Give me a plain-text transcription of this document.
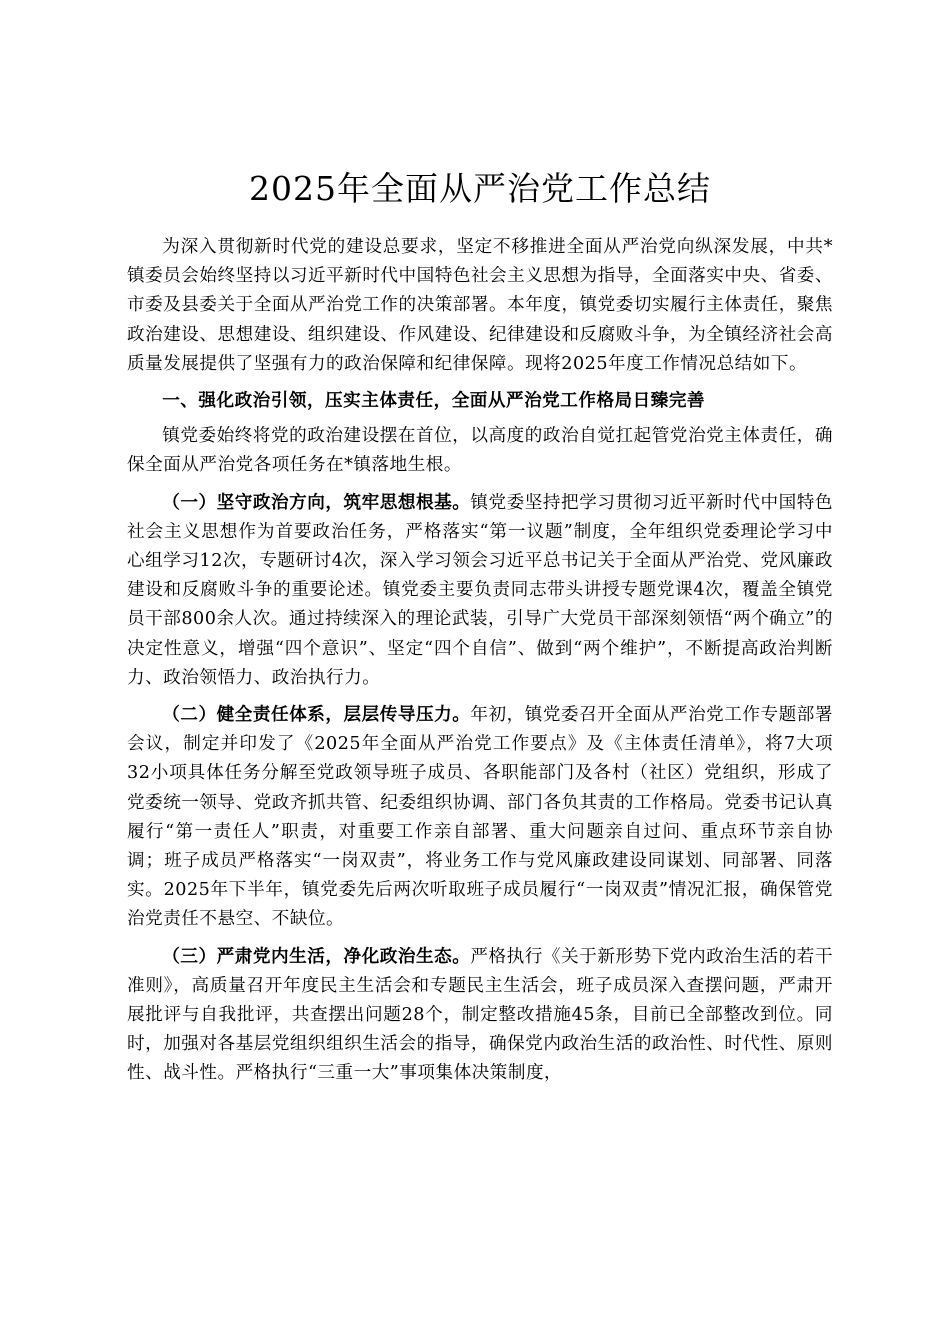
2025年全面从严治党工作总结

为深入贯彻新时代党的建设总要求，坚定不移推进全面从严治党向纵深发展，中共*镇委员会始终坚持以习近平新时代中国特色社会主义思想为指导，全面落实中央、省委、市委及县委关于全面从严治党工作的决策部署。本年度，镇党委切实履行主体责任，聚焦政治建设、思想建设、组织建设、作风建设、纪律建设和反腐败斗争，为全镇经济社会高质量发展提供了坚强有力的政治保障和纪律保障。现将2025年度工作情况总结如下。

一、强化政治引领，压实主体责任，全面从严治党工作格局日臻完善

镇党委始终将党的政治建设摆在首位，以高度的政治自觉扛起管党治党主体责任，确保全面从严治党各项任务在*镇落地生根。

（一）坚守政治方向，筑牢思想根基。镇党委坚持把学习贯彻习近平新时代中国特色社会主义思想作为首要政治任务，严格落实“第一议题”制度，全年组织党委理论学习中心组学习12次，专题研讨4次，深入学习领会习近平总书记关于全面从严治党、党风廉政建设和反腐败斗争的重要论述。镇党委主要负责同志带头讲授专题党课4次，覆盖全镇党员干部800余人次。通过持续深入的理论武装，引导广大党员干部深刻领悟“两个确立”的决定性意义，增强“四个意识”、坚定“四个自信”、做到“两个维护”，不断提高政治判断力、政治领悟力、政治执行力。

（二）健全责任体系，层层传导压力。年初，镇党委召开全面从严治党工作专题部署会议，制定并印发了《2025年全面从严治党工作要点》及《主体责任清单》，将7大项32小项具体任务分解至党政领导班子成员、各职能部门及各村（社区）党组织，形成了党委统一领导、党政齐抓共管、纪委组织协调、部门各负其责的工作格局。党委书记认真履行“第一责任人”职责，对重要工作亲自部署、重大问题亲自过问、重点环节亲自协调；班子成员严格落实“一岗双责”，将业务工作与党风廉政建设同谋划、同部署、同落实。2025年下半年，镇党委先后两次听取班子成员履行“一岗双责”情况汇报，确保管党治党责任不悬空、不缺位。

（三）严肃党内生活，净化政治生态。严格执行《关于新形势下党内政治生活的若干准则》，高质量召开年度民主生活会和专题民主生活会，班子成员深入查摆问题，严肃开展批评与自我批评，共查摆出问题28个，制定整改措施45条，目前已全部整改到位。同时，加强对各基层党组织组织生活会的指导，确保党内政治生活的政治性、时代性、原则性、战斗性。严格执行“三重一大”事项集体决策制度，
